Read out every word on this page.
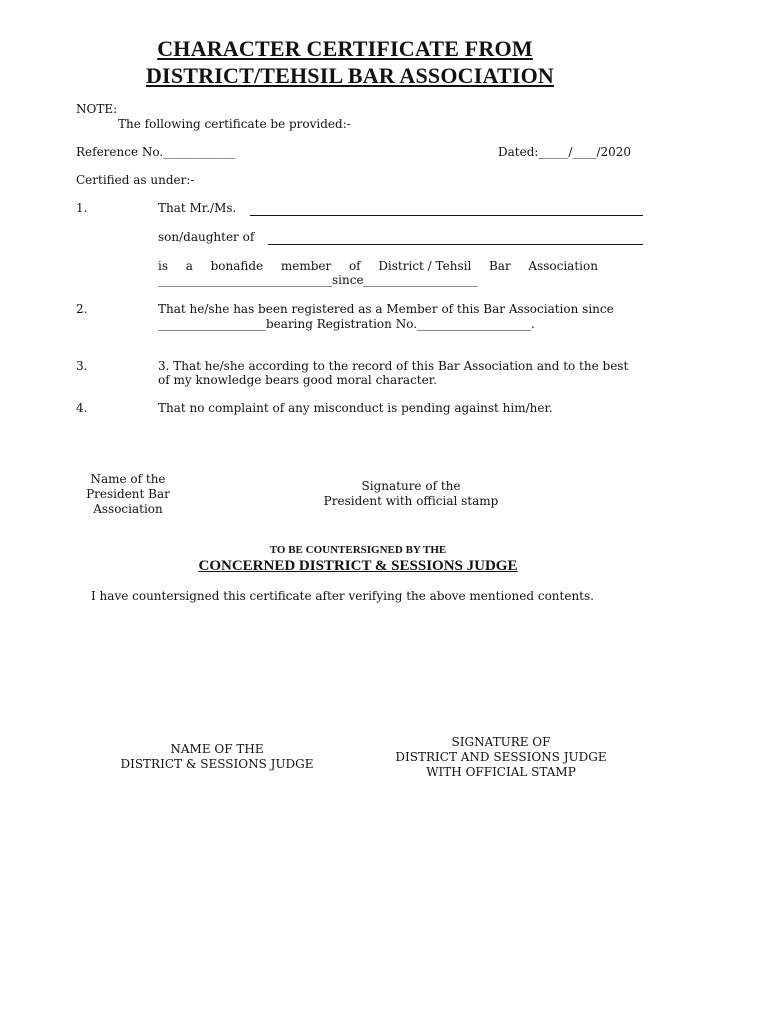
CHARACTER CERTIFICATE FROM
DISTRICT/TEHSIL BAR ASSOCIATION
NOTE:
The following certificate be provided:-
Reference No.____________	Dated:_____/____/2020
Certified as under:-
1.	That Mr./Ms.
son/daughter of
is a bonafide member of District / Tehsil Bar Association
_____________________________since___________________
2.	That he/she has been registered as a Member of this Bar Association since
__________________bearing Registration No.___________________.
3.	3. That he/she according to the record of this Bar Association and to the best
of my knowledge bears good moral character.
4.	That no complaint of any misconduct is pending against him/her.
Name of the
President Bar
Association
Signature of the
President with official stamp
TO BE COUNTERSIGNED BY THE
CONCERNED DISTRICT & SESSIONS JUDGE
I have countersigned this certificate after verifying the above mentioned contents.
NAME OF THE
DISTRICT & SESSIONS JUDGE
SIGNATURE OF
DISTRICT AND SESSIONS JUDGE
WITH OFFICIAL STAMP
